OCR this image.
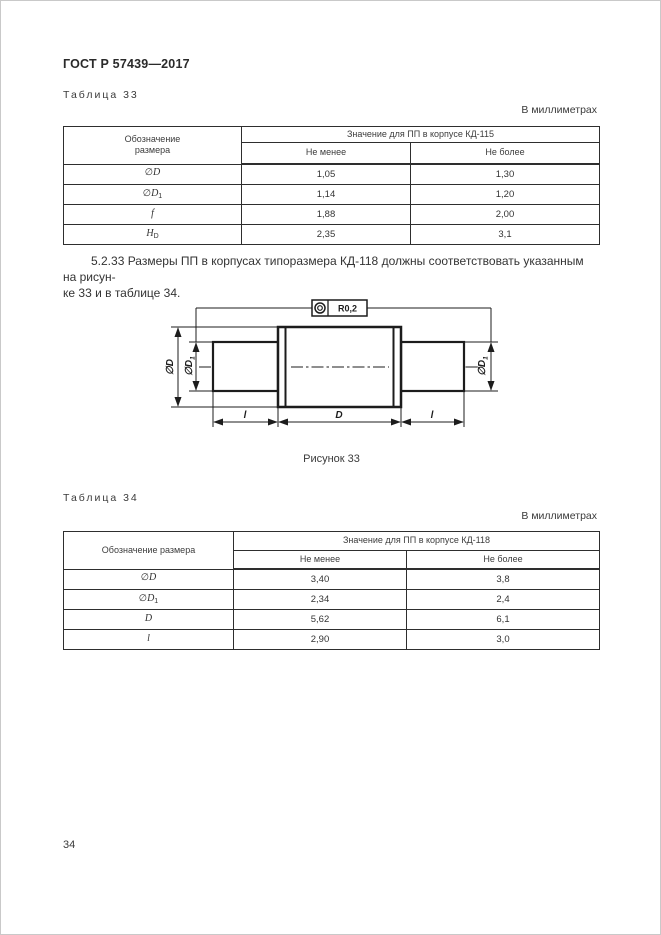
ГОСТ Р 57439—2017
Таблица 33
В миллиметрах
Обозначение
размера	Значение для ПП в корпусе КД-115	
	Не менее	Не более
∅D	1,05	1,30
$\emptyset D_1$	1,14	1,20
f	1,88	2,00
$H_D$	2,35	3,1
5.2.33 Размеры ПП в корпусах типоразмера КД-118 должны соответствовать указанным на рисун-
ке 33 и в таблице 34.
R0,2
∅D $\emptyset D_1$
$\emptyset D_1$
l	D	l
Рисунок 33
Таблица 34
В миллиметрах
Обозначение размера	Значение для ПП в корпусе КД-118	
	Не менее	Не более
∅D	3,40	3,8
$\emptyset D_1$	2,34	2,4
D	5,62	6,1
l	2,90	3,0
34
